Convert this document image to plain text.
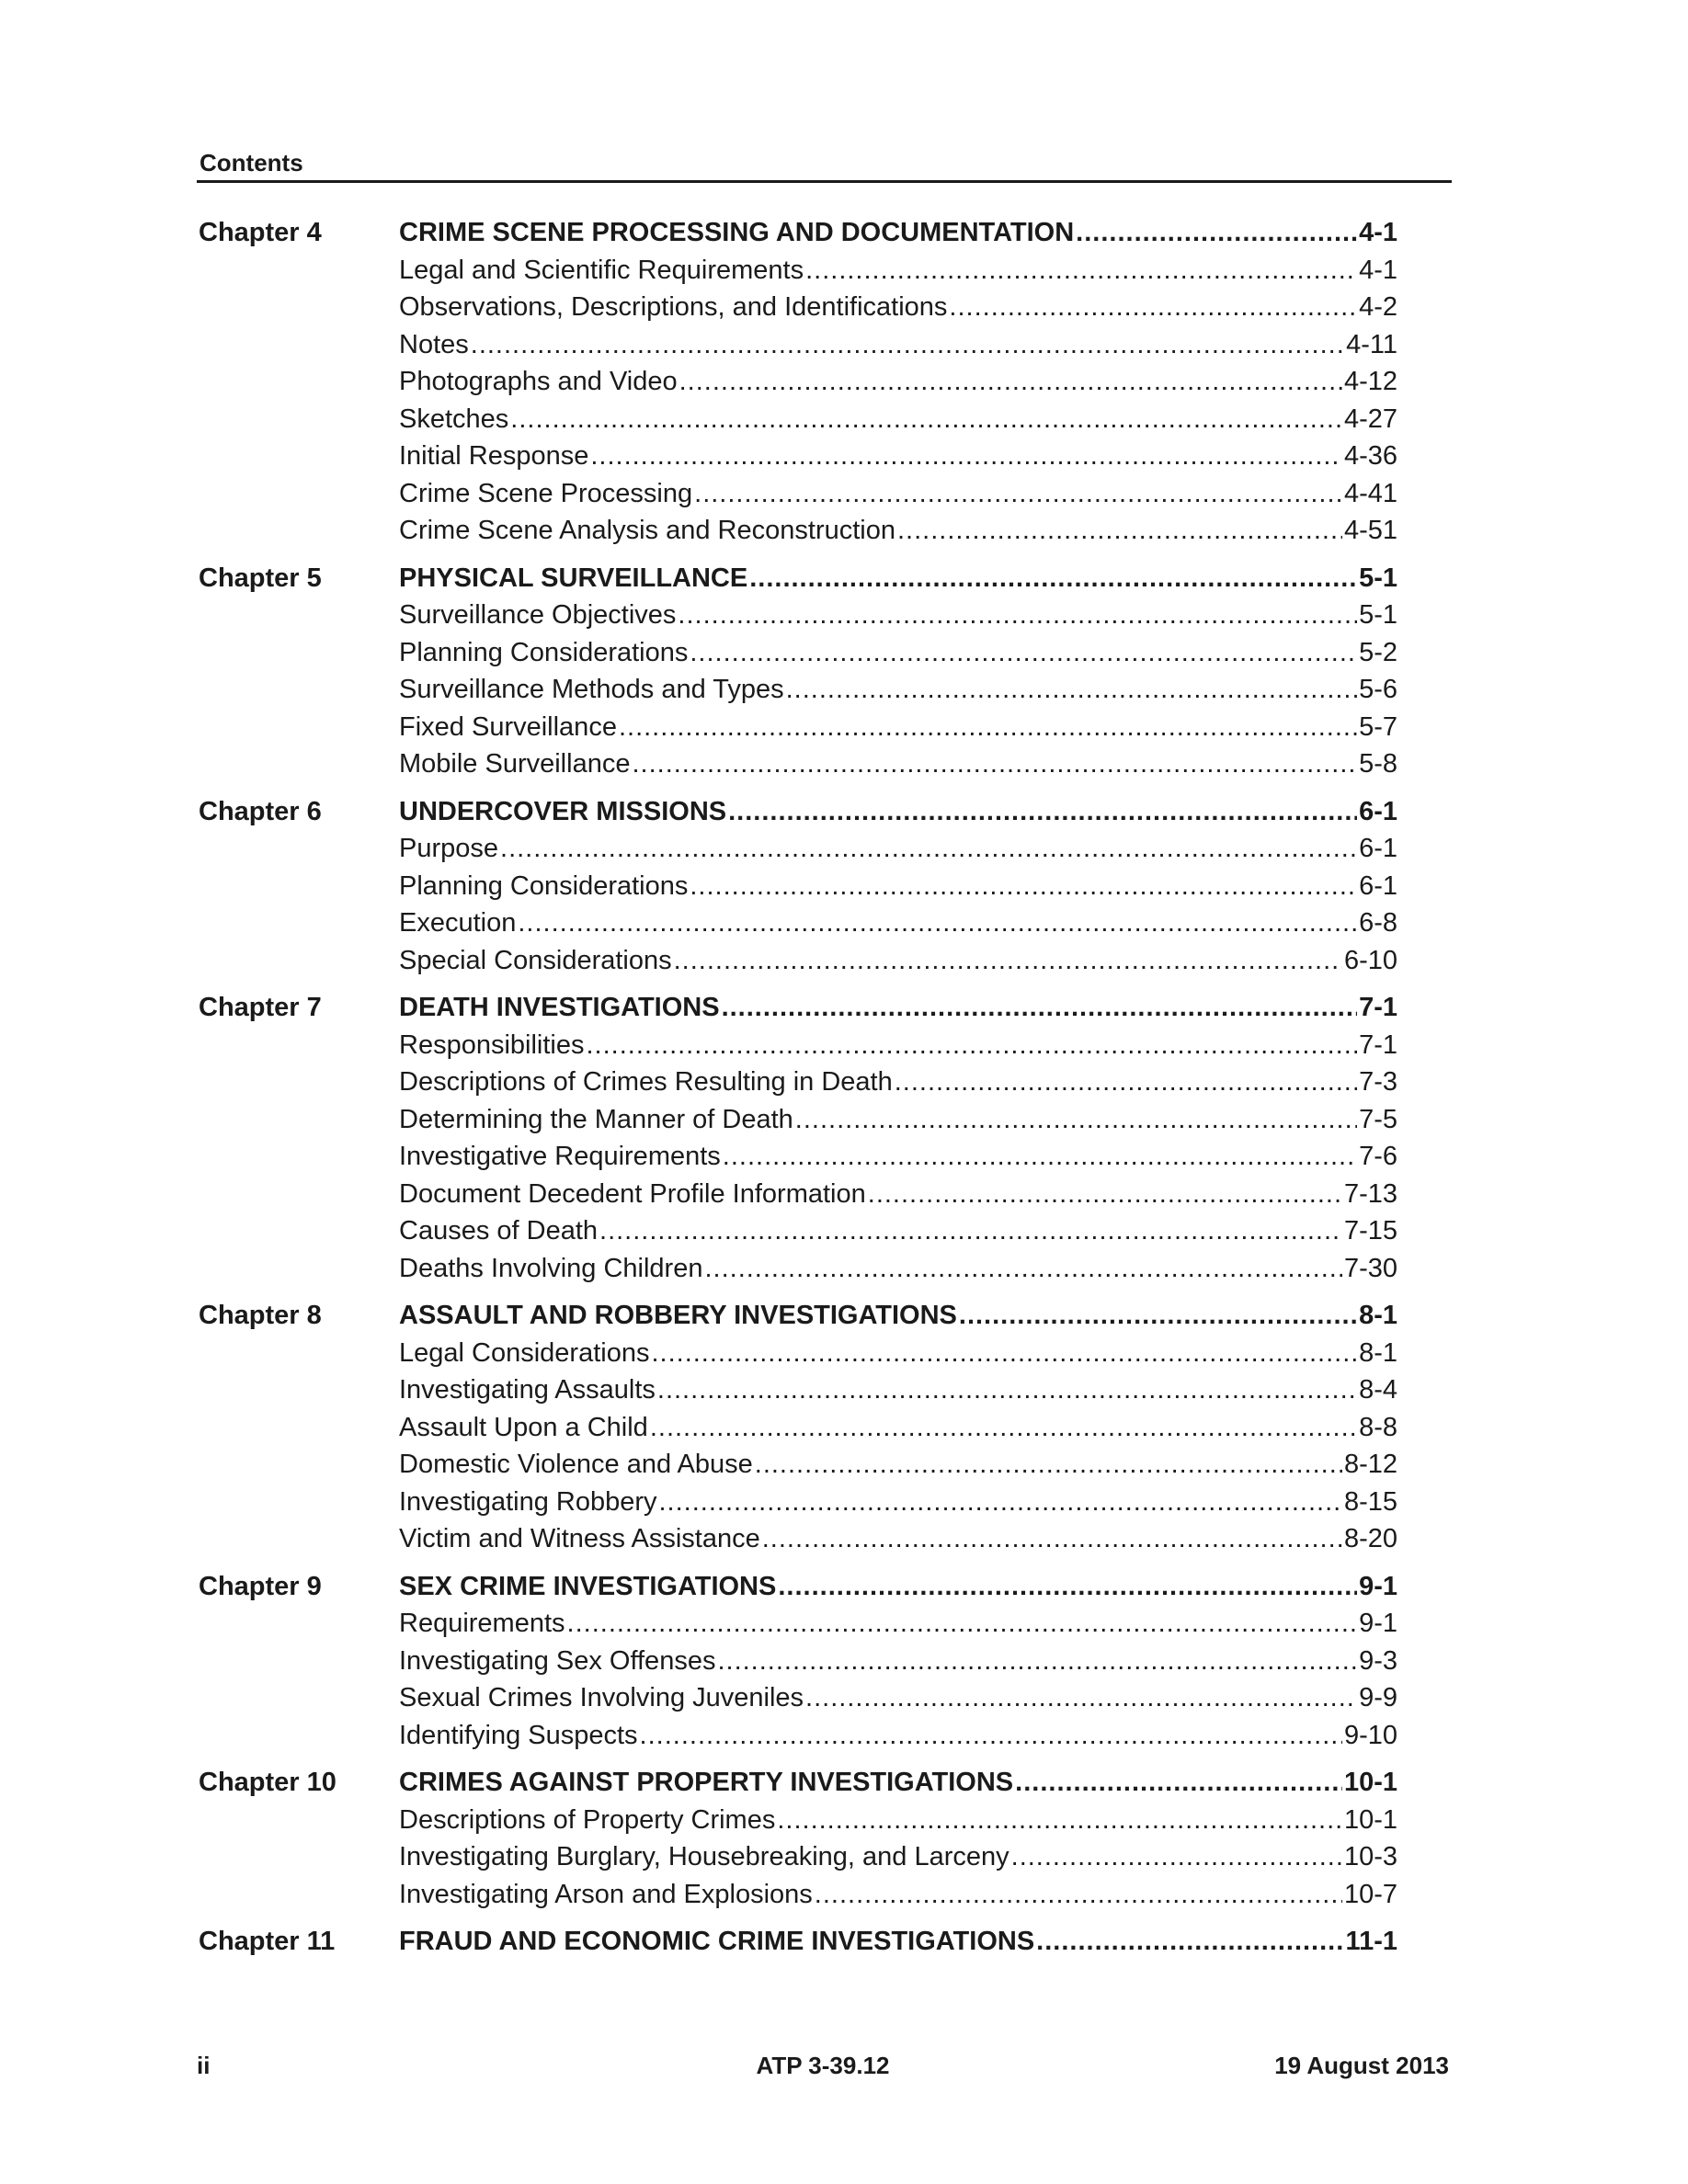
Contents
Chapter 4	CRIME SCENE PROCESSING AND DOCUMENTATION .....	4-1
Legal and Scientific Requirements .....	4-1
Observations, Descriptions, and Identifications .....	4-2
Notes .....	4-11
Photographs and Video .....	4-12
Sketches .....	4-27
Initial Response .....	4-36
Crime Scene Processing .....	4-41
Crime Scene Analysis and Reconstruction .....	4-51
Chapter 5	PHYSICAL SURVEILLANCE .....	5-1
Surveillance Objectives .....	5-1
Planning Considerations .....	5-2
Surveillance Methods and Types .....	5-6
Fixed Surveillance .....	5-7
Mobile Surveillance .....	5-8
Chapter 6	UNDERCOVER MISSIONS .....	6-1
Purpose .....	6-1
Planning Considerations .....	6-1
Execution .....	6-8
Special Considerations .....	6-10
Chapter 7	DEATH INVESTIGATIONS .....	7-1
Responsibilities .....	7-1
Descriptions of Crimes Resulting in Death .....	7-3
Determining the Manner of Death .....	7-5
Investigative Requirements .....	7-6
Document Decedent Profile Information .....	7-13
Causes of Death .....	7-15
Deaths Involving Children .....	7-30
Chapter 8	ASSAULT AND ROBBERY INVESTIGATIONS .....	8-1
Legal Considerations .....	8-1
Investigating Assaults .....	8-4
Assault Upon a Child .....	8-8
Domestic Violence and Abuse .....	8-12
Investigating Robbery .....	8-15
Victim and Witness Assistance .....	8-20
Chapter 9	SEX CRIME INVESTIGATIONS .....	9-1
Requirements .....	9-1
Investigating Sex Offenses .....	9-3
Sexual Crimes Involving Juveniles .....	9-9
Identifying Suspects .....	9-10
Chapter 10	CRIMES AGAINST PROPERTY INVESTIGATIONS .....	10-1
Descriptions of Property Crimes .....	10-1
Investigating Burglary, Housebreaking, and Larceny .....	10-3
Investigating Arson and Explosions .....	10-7
Chapter 11	FRAUD AND ECONOMIC CRIME INVESTIGATIONS .....	11-1
ii	ATP 3-39.12	19 August 2013
